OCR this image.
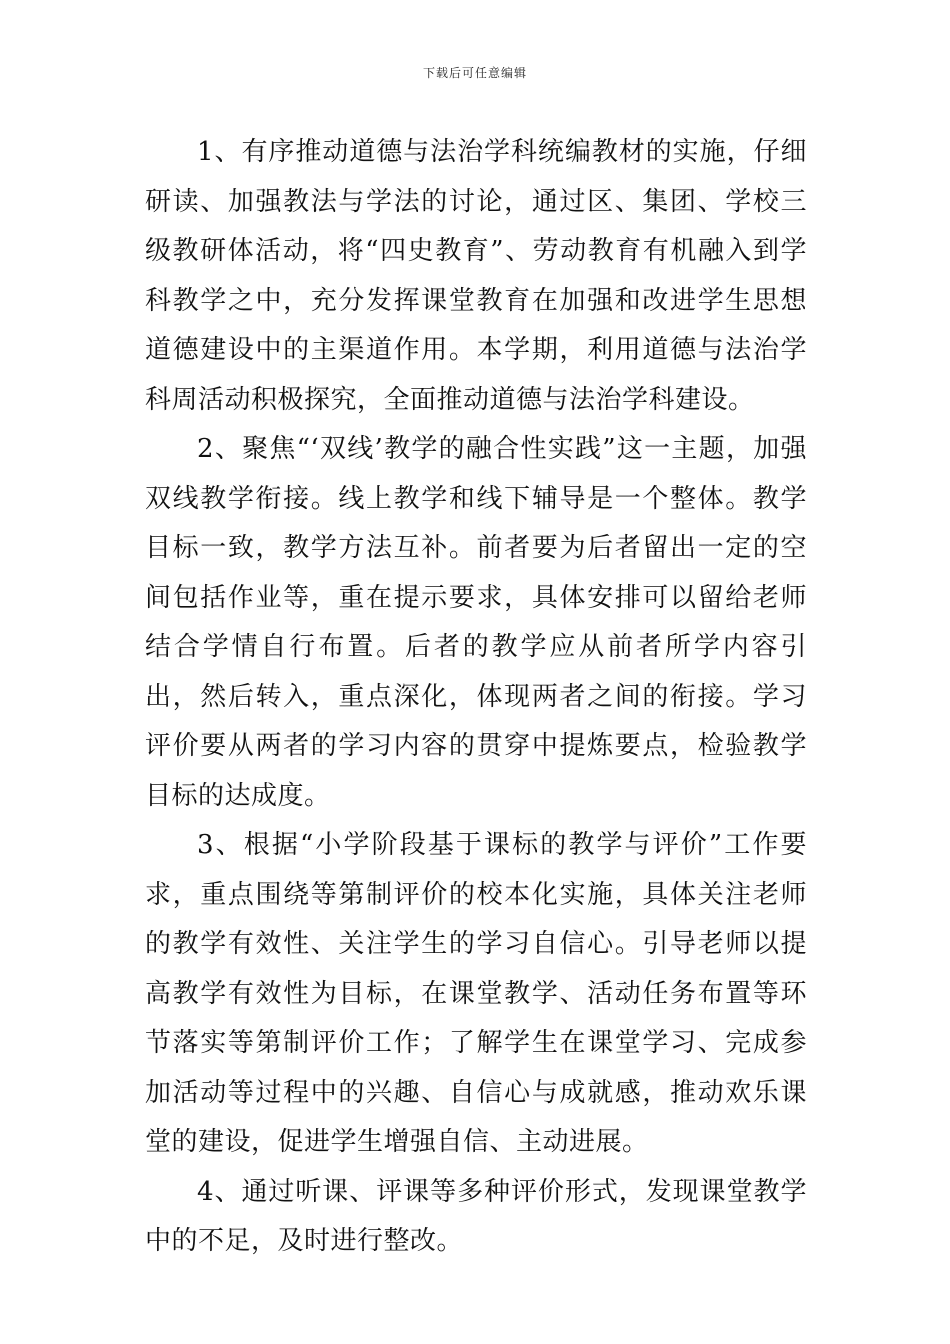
下载后可任意编辑

1、有序推动道德与法治学科统编教材的实施，仔细研读、加强教法与学法的讨论，通过区、集团、学校三级教研体活动，将“四史教育”、劳动教育有机融入到学科教学之中，充分发挥课堂教育在加强和改进学生思想道德建设中的主渠道作用。本学期，利用道德与法治学科周活动积极探究，全面推动道德与法治学科建设。

2、聚焦“‘双线’教学的融合性实践”这一主题，加强双线教学衔接。线上教学和线下辅导是一个整体。教学目标一致，教学方法互补。前者要为后者留出一定的空间包括作业等，重在提示要求，具体安排可以留给老师结合学情自行布置。后者的教学应从前者所学内容引出，然后转入，重点深化，体现两者之间的衔接。学习评价要从两者的学习内容的贯穿中提炼要点，检验教学目标的达成度。

3、根据“小学阶段基于课标的教学与评价”工作要求，重点围绕等第制评价的校本化实施，具体关注老师的教学有效性、关注学生的学习自信心。引导老师以提高教学有效性为目标，在课堂教学、活动任务布置等环节落实等第制评价工作；了解学生在课堂学习、完成参加活动等过程中的兴趣、自信心与成就感，推动欢乐课堂的建设，促进学生增强自信、主动进展。

4、通过听课、评课等多种评价形式，发现课堂教学中的不足，及时进行整改。
